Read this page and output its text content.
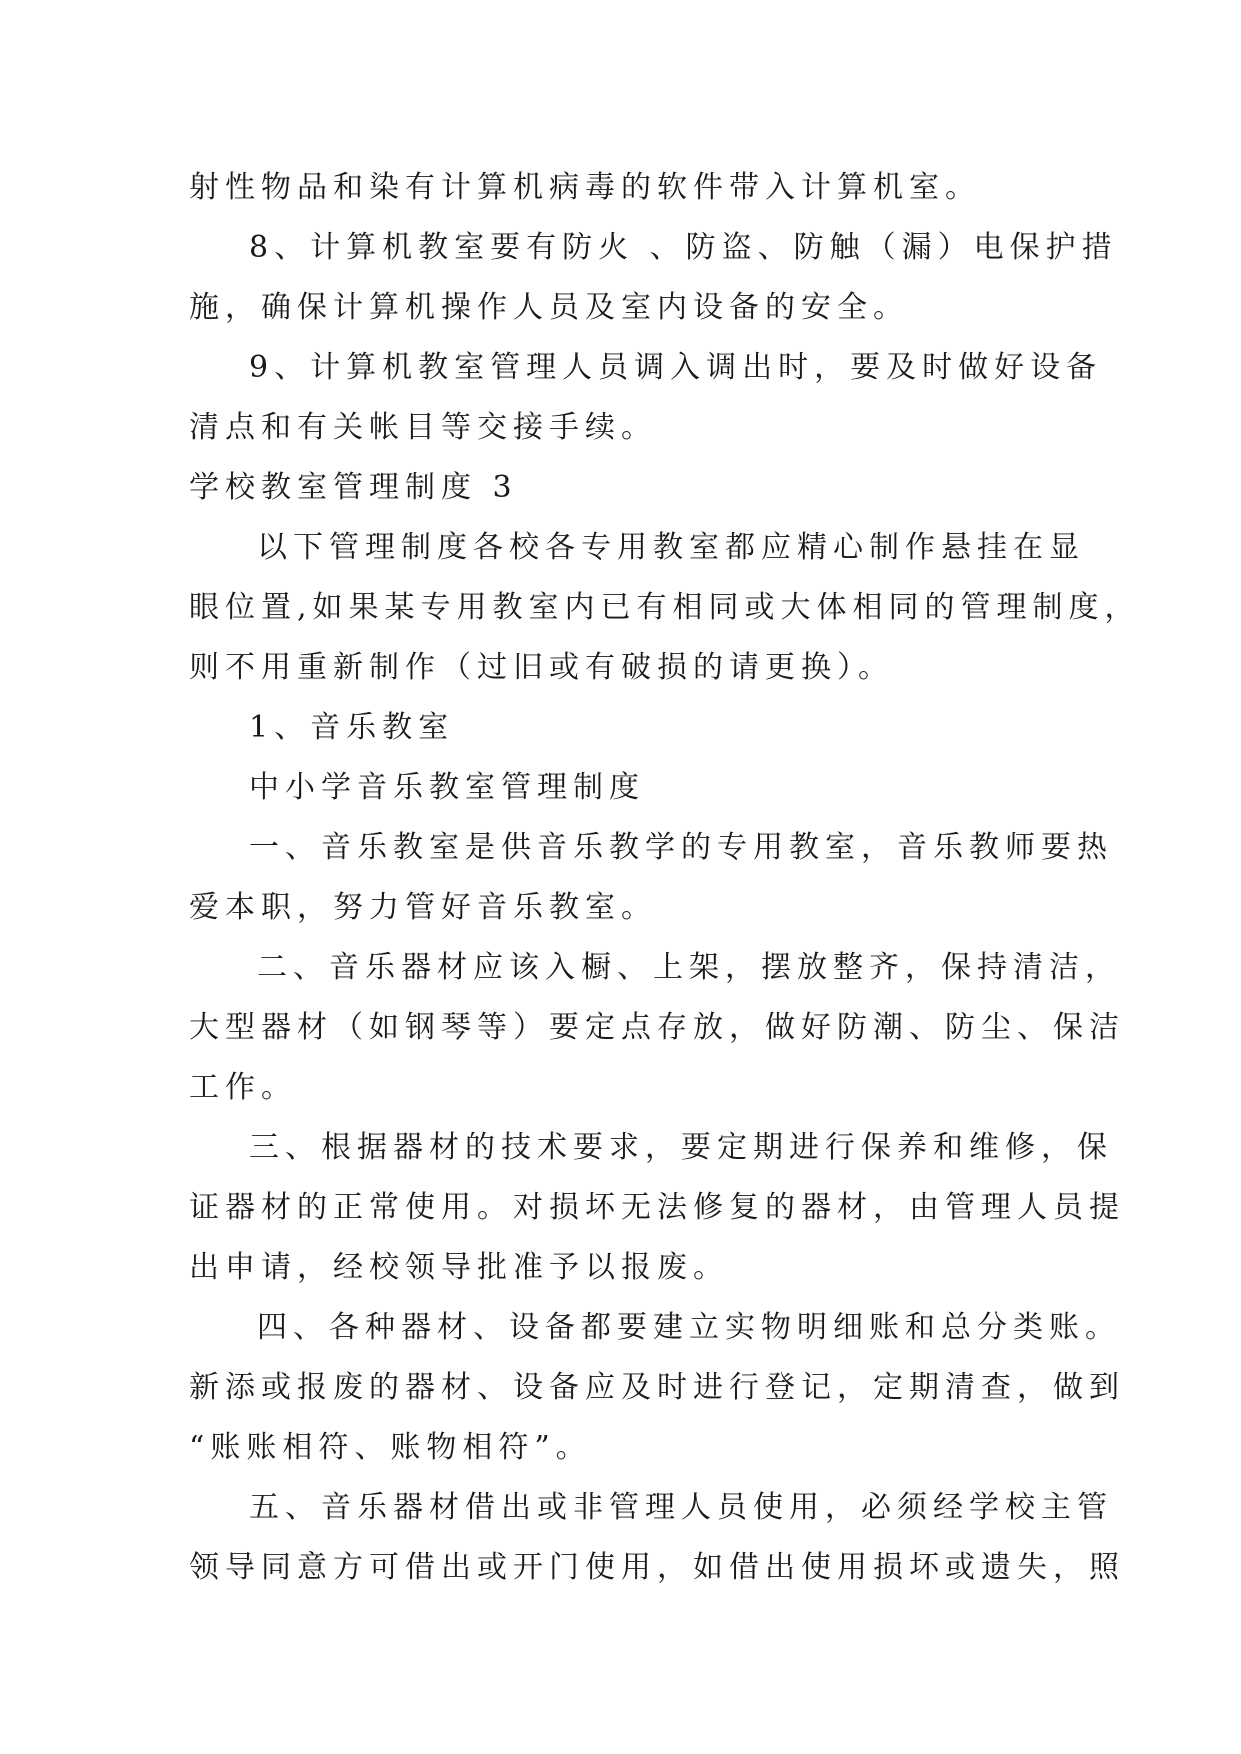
射性物品和染有计算机病毒的软件带入计算机室。
8、计算机教室要有防火 、防盗、防触（漏）电保护措
施，确保计算机操作人员及室内设备的安全。
9、计算机教室管理人员调入调出时，要及时做好设备
清点和有关帐目等交接手续。
学校教室管理制度 3
以下管理制度各校各专用教室都应精心制作悬挂在显
眼位置,如果某专用教室内已有相同或大体相同的管理制度，
则不用重新制作（过旧或有破损的请更换）。
1、音乐教室
中小学音乐教室管理制度
一、音乐教室是供音乐教学的专用教室，音乐教师要热
爱本职，努力管好音乐教室。
二、音乐器材应该入橱、上架，摆放整齐，保持清洁，
大型器材（如钢琴等）要定点存放，做好防潮、防尘、保洁
工作。
三、根据器材的技术要求，要定期进行保养和维修，保
证器材的正常使用。对损坏无法修复的器材，由管理人员提
出申请，经校领导批准予以报废。
四、各种器材、设备都要建立实物明细账和总分类账。
新添或报废的器材、设备应及时进行登记，定期清查，做到
“账账相符、账物相符”。
五、音乐器材借出或非管理人员使用，必须经学校主管
领导同意方可借出或开门使用，如借出使用损坏或遗失，照
